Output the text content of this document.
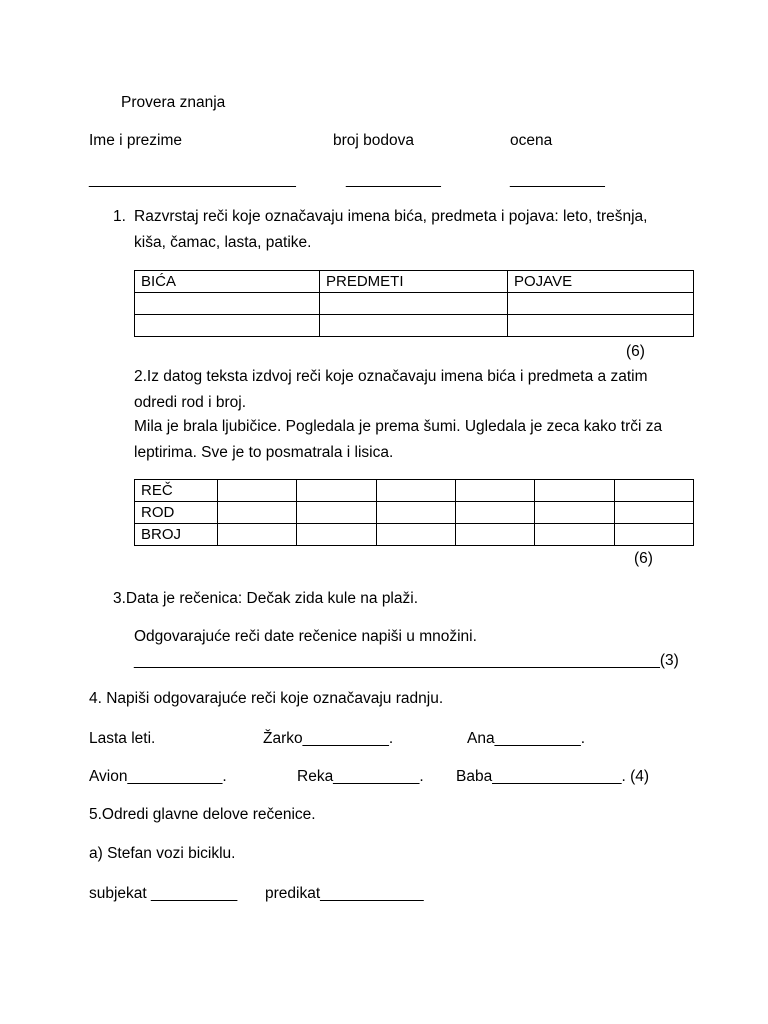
Provera znanja
Ime i prezime	broj bodova	ocena
________________________	___________	___________
1. Razvrstaj reči koje označavaju imena bića, predmeta i pojava: leto, trešnja,
kiša, čamac, lasta, patike.
BIĆA	PREDMETI	POJAVE

(6)
2.Iz datog teksta izdvoj reči koje označavaju imena bića i predmeta a zatim
odredi rod i broj.
Mila je brala ljubičice. Pogledala je prema šumi. Ugledala je zeca kako trči za
leptirima. Sve je to posmatrala i lisica.
REČ						
ROD						
BROJ						
(6)
3.Data je rečenica: Dečak zida kule na plaži.
Odgovarajuće reči date rečenice napiši u množini.
_____________________________________________________________(3)
4. Napiši odgovarajuće reči koje označavaju radnju.
Lasta leti.	Žarko__________.	Ana__________.
Avion___________.	Reka__________. Baba_______________. (4)
5.Odredi glavne delove rečenice.
a) Stefan vozi biciklu.
subjekat __________ predikat____________
